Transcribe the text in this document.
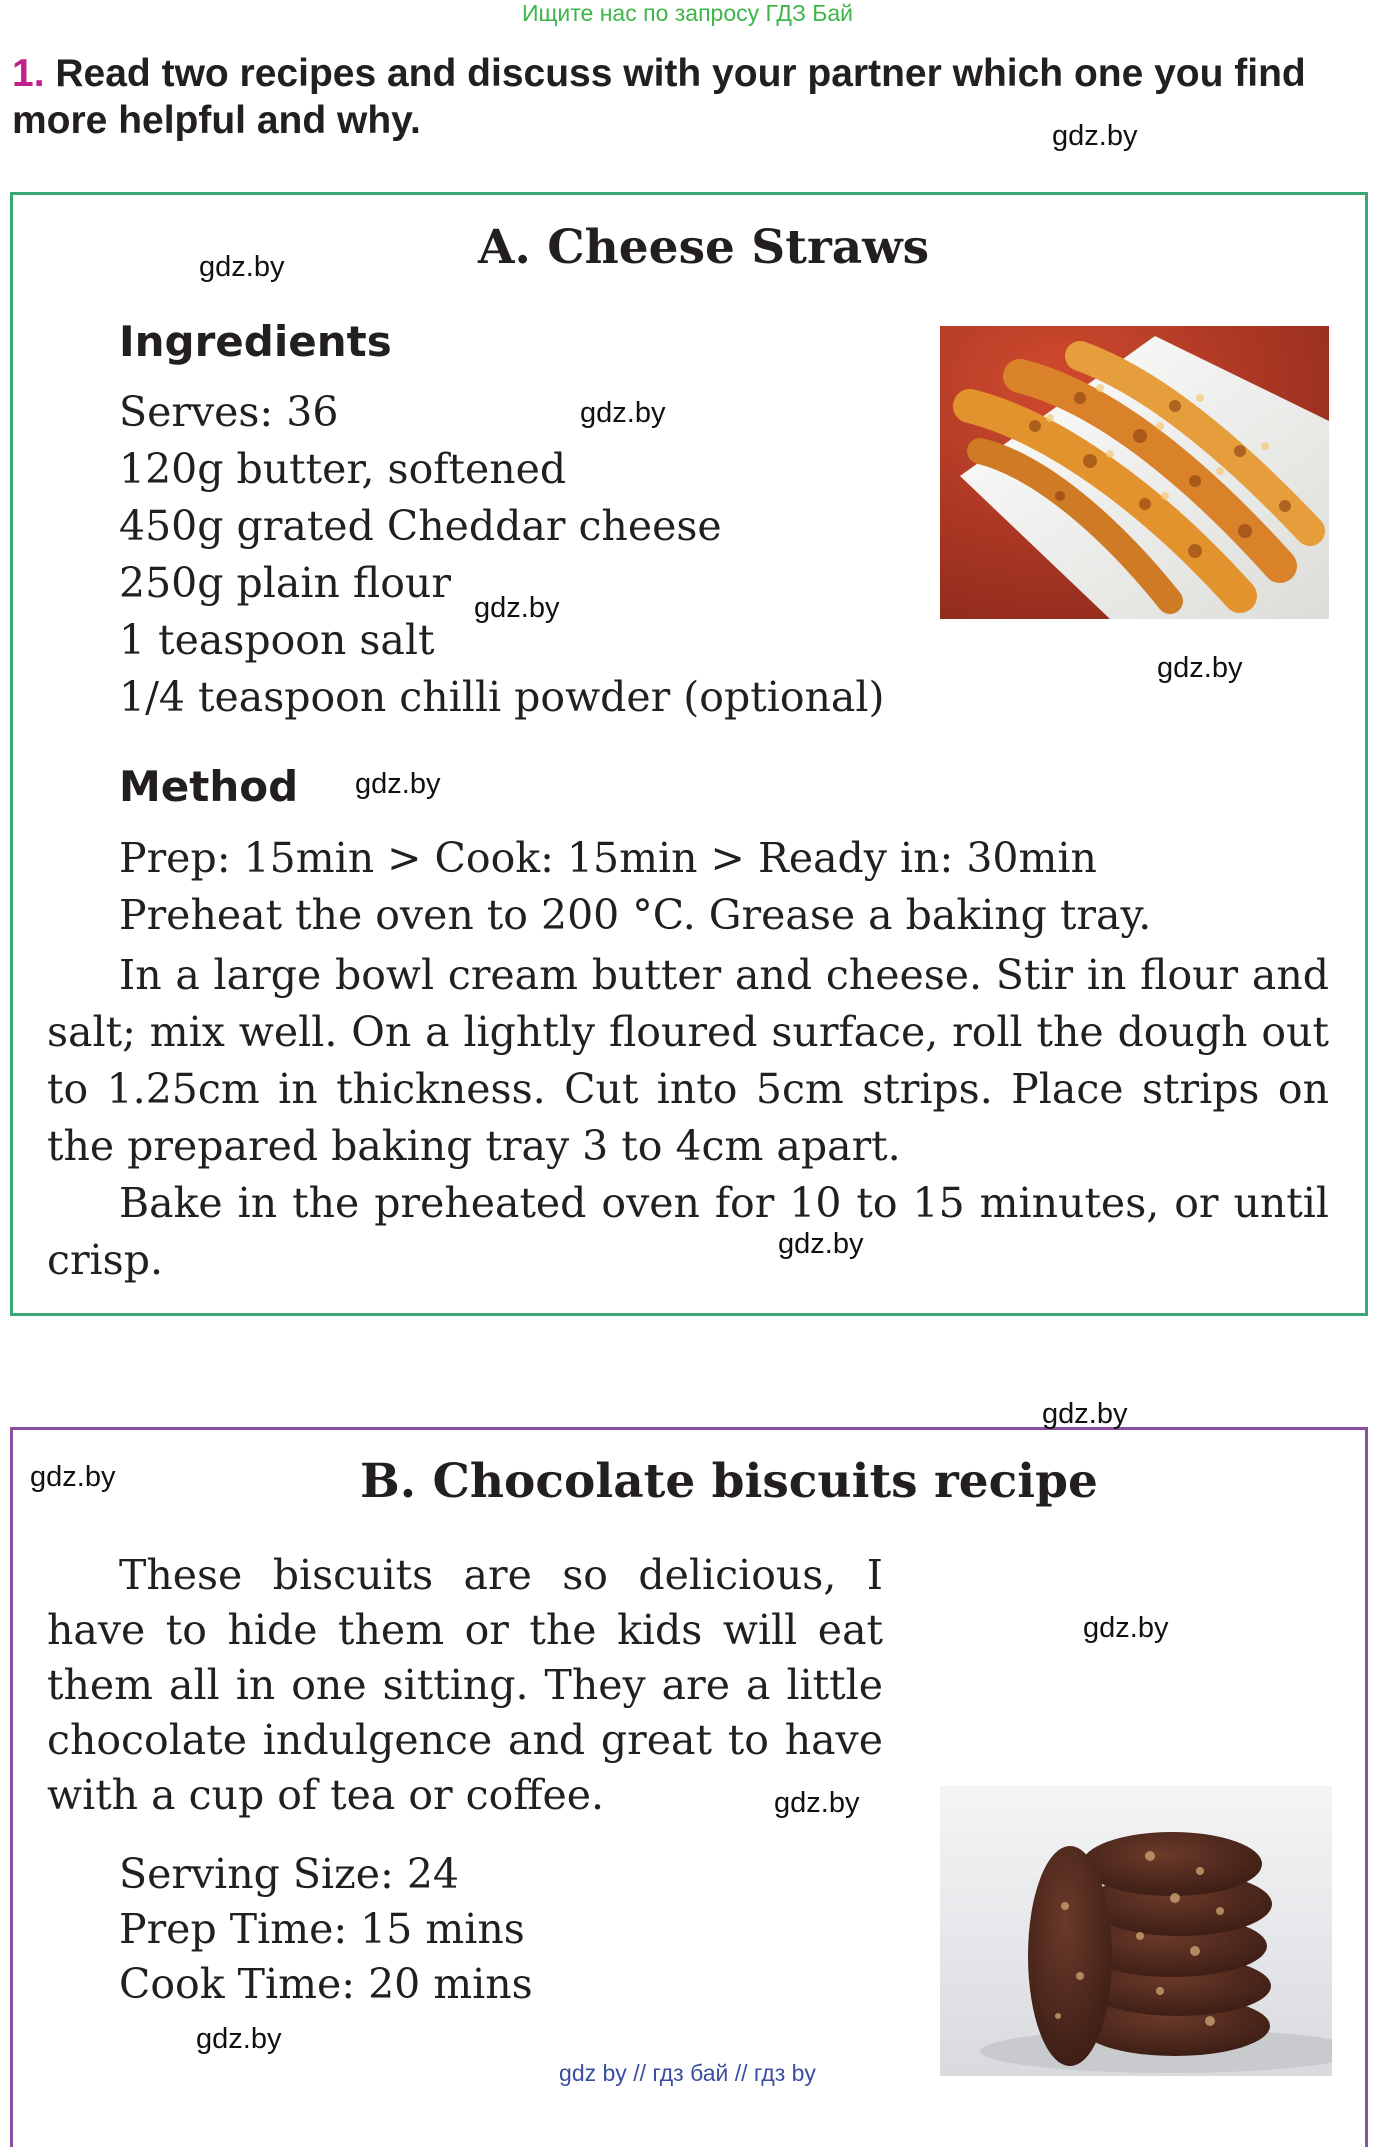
Ищите нас по запросу ГДЗ Бай
1. Read two recipes and discuss with your partner which one you find more helpful and why.	gdz.by
A. Cheese Straws
gdz.by
Ingredients
Serves: 36	gdz.by
120g butter, softened
450g grated Cheddar cheese
250g plain flour
gdz.by
1 teaspoon salt
1/4 teaspoon chilli powder (optional)
gdz.by
Method gdz.by
Prep: 15min > Cook: 15min > Ready in: 30min
Preheat the oven to 200 °C. Grease a baking tray.
In a large bowl cream butter and cheese. Stir in flour and salt; mix well. On a lightly floured surface, roll the dough out to 1.25cm in thickness. Cut into 5cm strips. Place strips on the prepared baking tray 3 to 4cm apart.
Bake in the preheated oven for 10 to 15 minutes, or until crisp.	gdz.by
gdz.by
gdz.by	B. Chocolate biscuits recipe
These biscuits are so delicious, I have to hide them or the kids will eat them all in one sitting. They are a little chocolate indulgence and great to have with a cup of tea or coffee.
gdz.by
gdz.by
Serving Size: 24
Prep Time: 15 mins
Cook Time: 20 mins
gdz.by
gdz by // гдз бай // гдз by
